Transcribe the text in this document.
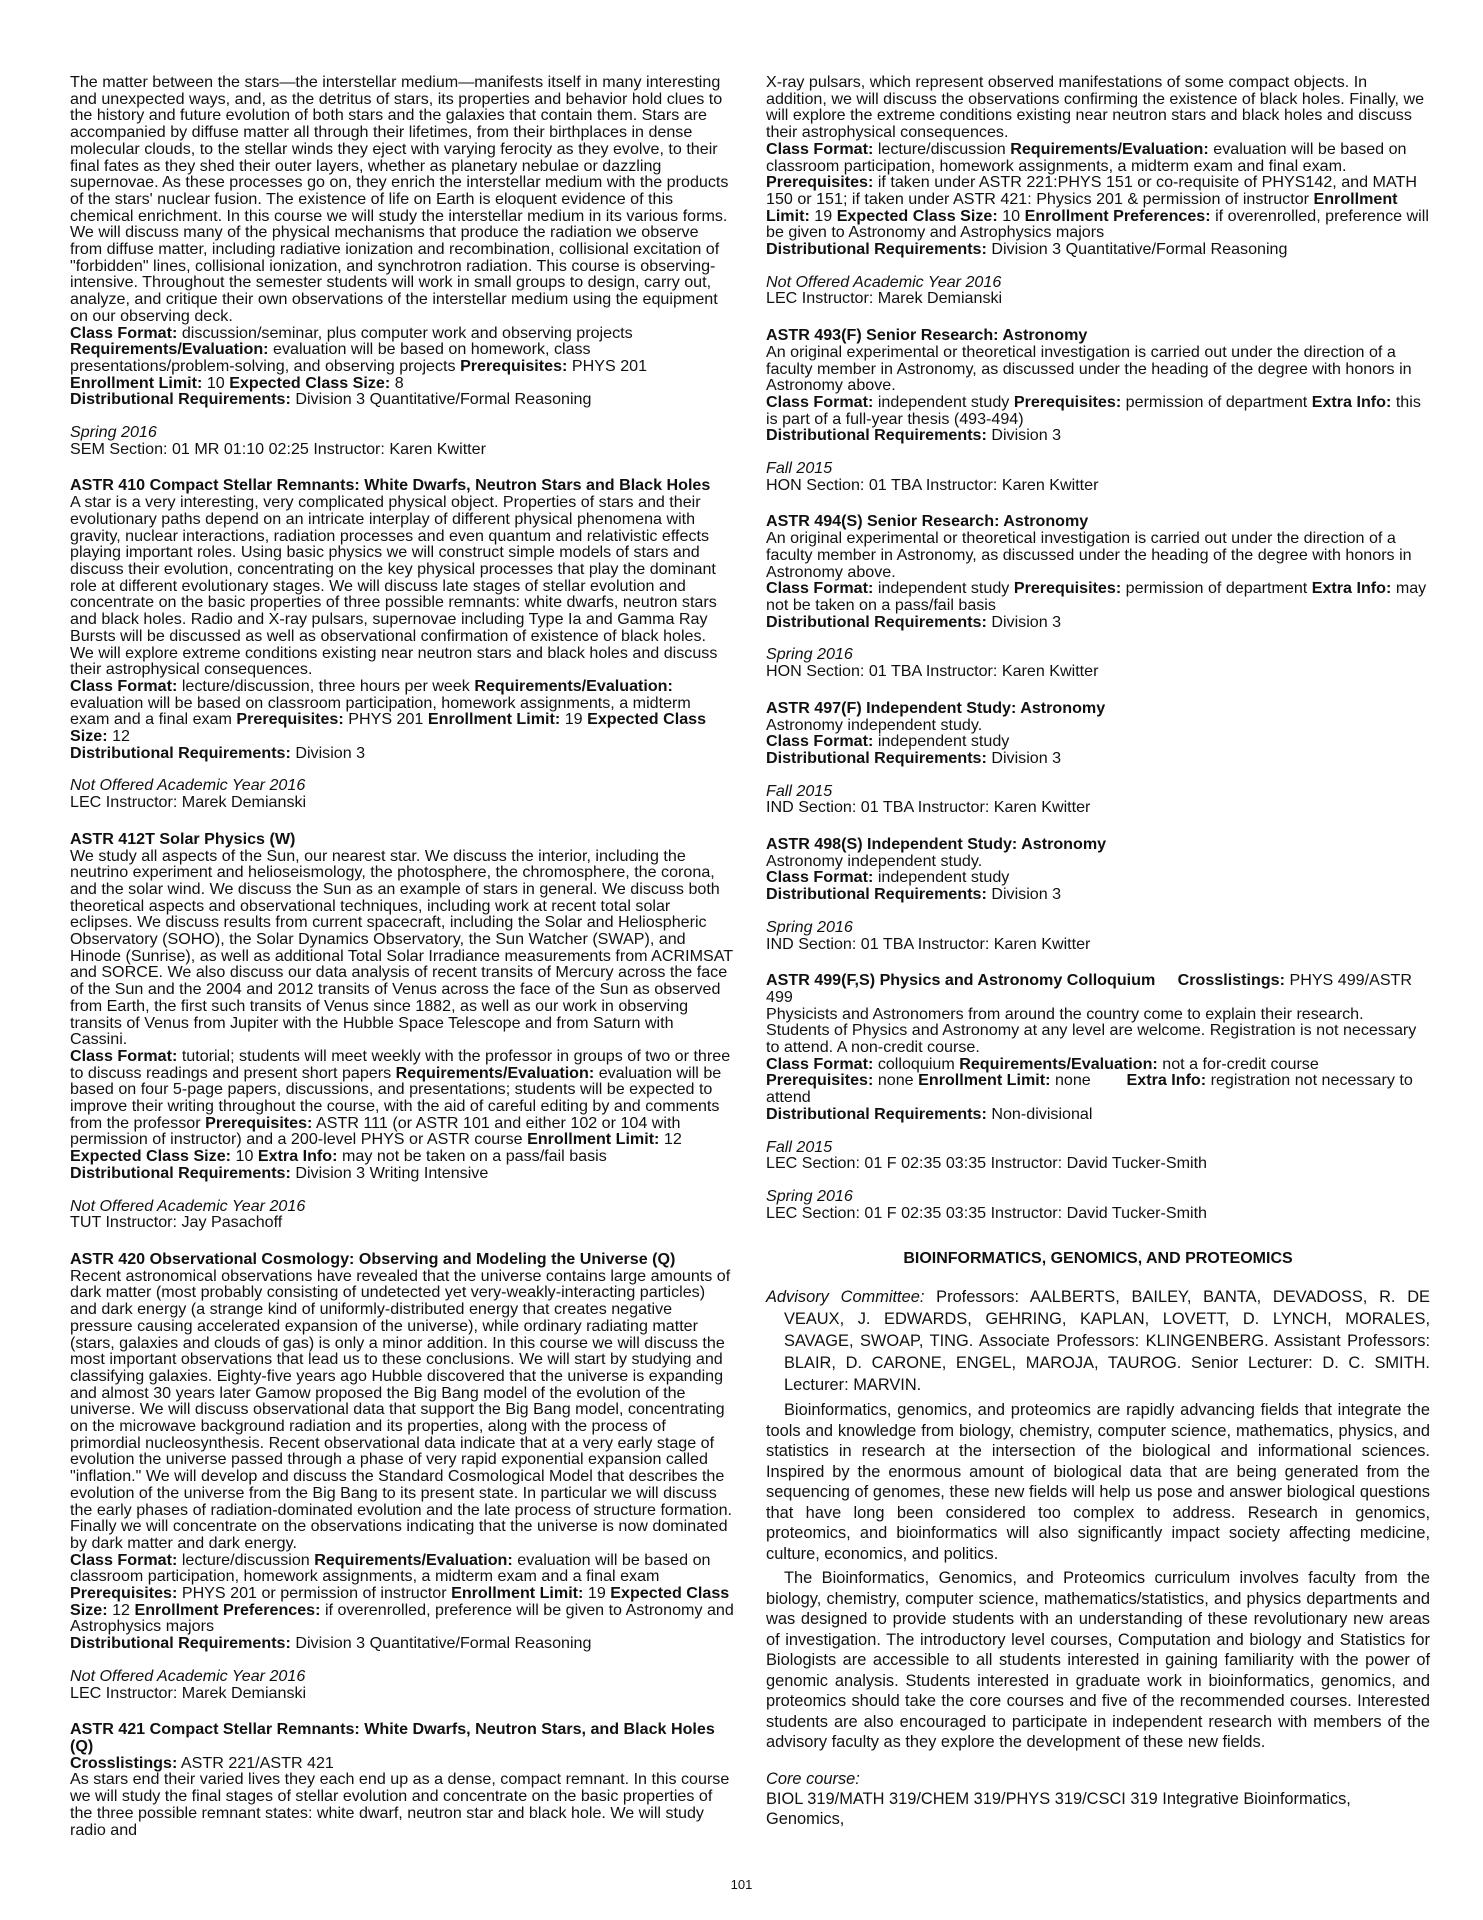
The matter between the stars—the interstellar medium—manifests itself in many interesting and unexpected ways, and, as the detritus of stars, its properties and behavior hold clues to the history and future evolution of both stars and the galaxies that contain them. Stars are accompanied by diffuse matter all through their lifetimes, from their birthplaces in dense molecular clouds, to the stellar winds they eject with varying ferocity as they evolve, to their final fates as they shed their outer layers, whether as planetary nebulae or dazzling supernovae. As these processes go on, they enrich the interstellar medium with the products of the stars' nuclear fusion. The existence of life on Earth is eloquent evidence of this chemical enrichment. In this course we will study the interstellar medium in its various forms. We will discuss many of the physical mechanisms that produce the radiation we observe from diffuse matter, including radiative ionization and recombination, collisional excitation of "forbidden" lines, collisional ionization, and synchrotron radiation. This course is observing-intensive. Throughout the semester students will work in small groups to design, carry out, analyze, and critique their own observations of the interstellar medium using the equipment on our observing deck.

Class Format: discussion/seminar, plus computer work and observing projects Requirements/Evaluation: evaluation will be based on homework, class presentations/problem-solving, and observing projects Prerequisites: PHYS 201 Enrollment Limit: 10 Expected Class Size: 8

Distributional Requirements: Division 3 Quantitative/Formal Reasoning

Spring 2016
SEM Section: 01 MR 01:10 02:25 Instructor: Karen Kwitter

ASTR 410 Compact Stellar Remnants: White Dwarfs, Neutron Stars and Black Holes

A star is a very interesting, very complicated physical object. Properties of stars and their evolutionary paths depend on an intricate interplay of different physical phenomena with gravity, nuclear interactions, radiation processes and even quantum and relativistic effects playing important roles. Using basic physics we will construct simple models of stars and discuss their evolution, concentrating on the key physical processes that play the dominant role at different evolutionary stages. We will discuss late stages of stellar evolution and concentrate on the basic properties of three possible remnants: white dwarfs, neutron stars and black holes. Radio and X-ray pulsars, supernovae including Type Ia and Gamma Ray Bursts will be discussed as well as observational confirmation of existence of black holes. We will explore extreme conditions existing near neutron stars and black holes and discuss their astrophysical consequences.

Class Format: lecture/discussion, three hours per week Requirements/Evaluation: evaluation will be based on classroom participation, homework assignments, a midterm exam and a final exam Prerequisites: PHYS 201 Enrollment Limit: 19 Expected Class Size: 12

Distributional Requirements: Division 3

Not Offered Academic Year 2016
LEC Instructor: Marek Demianski

ASTR 412T Solar Physics (W)

We study all aspects of the Sun, our nearest star. We discuss the interior, including the neutrino experiment and helioseismology, the photosphere, the chromosphere, the corona, and the solar wind. We discuss the Sun as an example of stars in general. We discuss both theoretical aspects and observational techniques, including work at recent total solar eclipses. We discuss results from current spacecraft, including the Solar and Heliospheric Observatory (SOHO), the Solar Dynamics Observatory, the Sun Watcher (SWAP), and Hinode (Sunrise), as well as additional Total Solar Irradiance measurements from ACRIMSAT and SORCE. We also discuss our data analysis of recent transits of Mercury across the face of the Sun and the 2004 and 2012 transits of Venus across the face of the Sun as observed from Earth, the first such transits of Venus since 1882, as well as our work in observing transits of Venus from Jupiter with the Hubble Space Telescope and from Saturn with Cassini.

Class Format: tutorial; students will meet weekly with the professor in groups of two or three to discuss readings and present short papers Requirements/Evaluation: evaluation will be based on four 5-page papers, discussions, and presentations; students will be expected to improve their writing throughout the course, with the aid of careful editing by and comments from the professor Prerequisites: ASTR 111 (or ASTR 101 and either 102 or 104 with permission of instructor) and a 200-level PHYS or ASTR course Enrollment Limit: 12 Expected Class Size: 10 Extra Info: may not be taken on a pass/fail basis

Distributional Requirements: Division 3 Writing Intensive

Not Offered Academic Year 2016
TUT Instructor: Jay Pasachoff

ASTR 420 Observational Cosmology: Observing and Modeling the Universe (Q)

Recent astronomical observations have revealed that the universe contains large amounts of dark matter (most probably consisting of undetected yet very-weakly-interacting particles) and dark energy (a strange kind of uniformly-distributed energy that creates negative pressure causing accelerated expansion of the universe), while ordinary radiating matter (stars, galaxies and clouds of gas) is only a minor addition. In this course we will discuss the most important observations that lead us to these conclusions. We will start by studying and classifying galaxies. Eighty-five years ago Hubble discovered that the universe is expanding and almost 30 years later Gamow proposed the Big Bang model of the evolution of the universe. We will discuss observational data that support the Big Bang model, concentrating on the microwave background radiation and its properties, along with the process of primordial nucleosynthesis. Recent observational data indicate that at a very early stage of evolution the universe passed through a phase of very rapid exponential expansion called "inflation." We will develop and discuss the Standard Cosmological Model that describes the evolution of the universe from the Big Bang to its present state. In particular we will discuss the early phases of radiation-dominated evolution and the late process of structure formation. Finally we will concentrate on the observations indicating that the universe is now dominated by dark matter and dark energy.

Class Format: lecture/discussion Requirements/Evaluation: evaluation will be based on classroom participation, homework assignments, a midterm exam and a final exam Prerequisites: PHYS 201 or permission of instructor Enrollment Limit: 19 Expected Class Size: 12 Enrollment Preferences: if overenrolled, preference will be given to Astronomy and Astrophysics majors

Distributional Requirements: Division 3 Quantitative/Formal Reasoning

Not Offered Academic Year 2016
LEC Instructor: Marek Demianski

ASTR 421 Compact Stellar Remnants: White Dwarfs, Neutron Stars, and Black Holes (Q)

Crosslistings: ASTR 221/ASTR 421

As stars end their varied lives they each end up as a dense, compact remnant. In this course we will study the final stages of stellar evolution and concentrate on the basic properties of the three possible remnant states: white dwarf, neutron star and black hole. We will study radio and

X-ray pulsars, which represent observed manifestations of some compact objects. In addition, we will discuss the observations confirming the existence of black holes. Finally, we will explore the extreme conditions existing near neutron stars and black holes and discuss their astrophysical consequences.

Class Format: lecture/discussion Requirements/Evaluation: evaluation will be based on classroom participation, homework assignments, a midterm exam and final exam. Prerequisites: if taken under ASTR 221:PHYS 151 or co-requisite of PHYS142, and MATH 150 or 151; if taken under ASTR 421: Physics 201 & permission of instructor Enrollment Limit: 19 Expected Class Size: 10 Enrollment Preferences: if overenrolled, preference will be given to Astronomy and Astrophysics majors

Distributional Requirements: Division 3 Quantitative/Formal Reasoning

Not Offered Academic Year 2016
LEC Instructor: Marek Demianski

ASTR 493(F) Senior Research: Astronomy

An original experimental or theoretical investigation is carried out under the direction of a faculty member in Astronomy, as discussed under the heading of the degree with honors in Astronomy above.

Class Format: independent study Prerequisites: permission of department Extra Info: this is part of a full-year thesis (493-494)

Distributional Requirements: Division 3

Fall 2015
HON Section: 01 TBA Instructor: Karen Kwitter

ASTR 494(S) Senior Research: Astronomy

An original experimental or theoretical investigation is carried out under the direction of a faculty member in Astronomy, as discussed under the heading of the degree with honors in Astronomy above.

Class Format: independent study Prerequisites: permission of department Extra Info: may not be taken on a pass/fail basis

Distributional Requirements: Division 3

Spring 2016
HON Section: 01 TBA Instructor: Karen Kwitter

ASTR 497(F) Independent Study: Astronomy

Astronomy independent study.

Class Format: independent study

Distributional Requirements: Division 3

Fall 2015
IND Section: 01 TBA Instructor: Karen Kwitter

ASTR 498(S) Independent Study: Astronomy

Astronomy independent study.

Class Format: independent study

Distributional Requirements: Division 3

Spring 2016
IND Section: 01 TBA Instructor: Karen Kwitter

ASTR 499(F,S) Physics and Astronomy Colloquium Crosslistings: PHYS 499/ASTR 499

Physicists and Astronomers from around the country come to explain their research. Students of Physics and Astronomy at any level are welcome. Registration is not necessary to attend. A non-credit course.

Class Format: colloquium Requirements/Evaluation: not a for-credit course Prerequisites: none Enrollment Limit: none Extra Info: registration not necessary to attend

Distributional Requirements: Non-divisional

Fall 2015
LEC Section: 01 F 02:35 03:35 Instructor: David Tucker-Smith

Spring 2016
LEC Section: 01 F 02:35 03:35 Instructor: David Tucker-Smith

BIOINFORMATICS, GENOMICS, AND PROTEOMICS

Advisory Committee: Professors: AALBERTS, BAILEY, BANTA, DEVADOSS, R. DE VEAUX, J. EDWARDS, GEHRING, KAPLAN, LOVETT, D. LYNCH, MORALES, SAVAGE, SWOAP, TING. Associate Professors: KLINGENBERG. Assistant Professors: BLAIR, D. CARONE, ENGEL, MAROJA, TAUROG. Senior Lecturer: D. C. SMITH. Lecturer: MARVIN.

Bioinformatics, genomics, and proteomics are rapidly advancing fields that integrate the tools and knowledge from biology, chemistry, computer science, mathematics, physics, and statistics in research at the intersection of the biological and informational sciences. Inspired by the enormous amount of biological data that are being generated from the sequencing of genomes, these new fields will help us pose and answer biological questions that have long been considered too complex to address. Research in genomics, proteomics, and bioinformatics will also significantly impact society affecting medicine, culture, economics, and politics.

The Bioinformatics, Genomics, and Proteomics curriculum involves faculty from the biology, chemistry, computer science, mathematics/statistics, and physics departments and was designed to provide students with an understanding of these revolutionary new areas of investigation. The introductory level courses, Computation and biology and Statistics for Biologists are accessible to all students interested in gaining familiarity with the power of genomic analysis. Students interested in graduate work in bioinformatics, genomics, and proteomics should take the core courses and five of the recommended courses. Interested students are also encouraged to participate in independent research with members of the advisory faculty as they explore the development of these new fields.

Core course:
BIOL 319/MATH 319/CHEM 319/PHYS 319/CSCI 319 Integrative Bioinformatics, Genomics,

101
